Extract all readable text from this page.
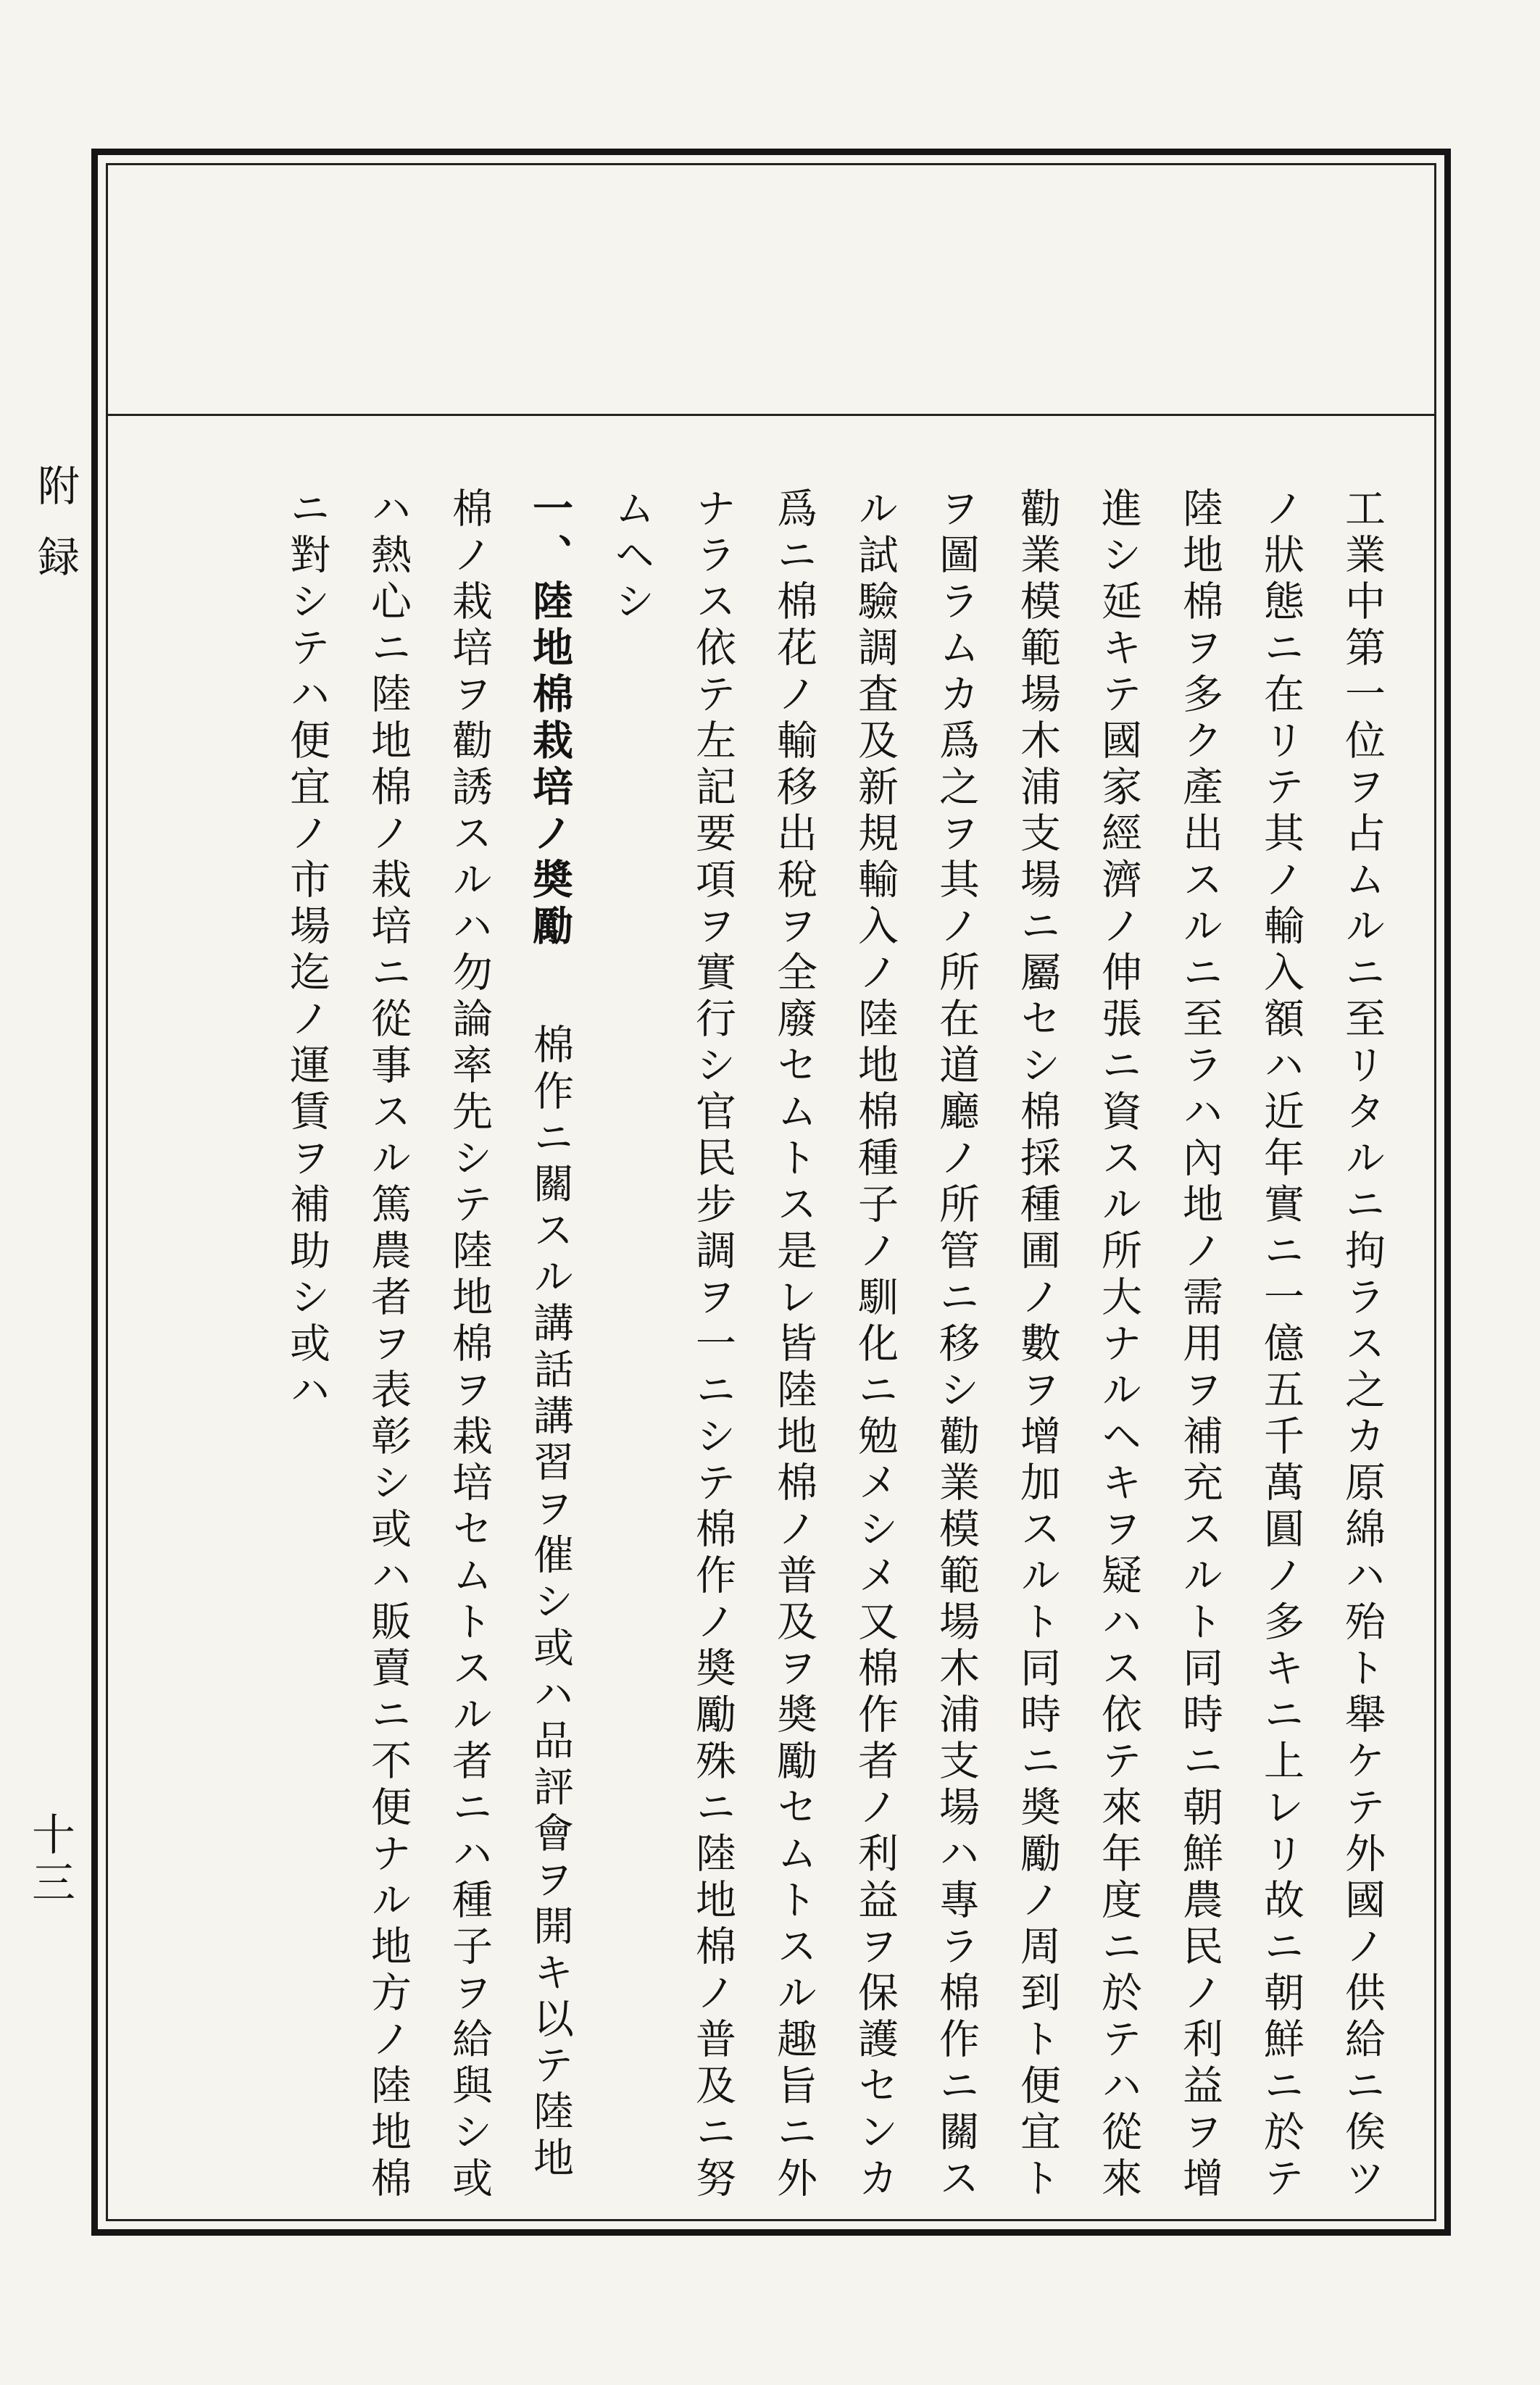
附録
十三	工業中第一位ヲ占ムルニ至リタルニ拘ラス之カ原綿ハ殆ト舉ケテ外國ノ供給ニ俟ツノ狀態ニ在リテ其ノ輸入額ハ近年實ニ一億五千萬圓ノ多キニ上レリ故ニ朝鮮ニ於テ陸地棉ヲ多ク產出スルニ至ラハ內地ノ需用ヲ補充スルト同時ニ朝鮮農民ノ利益ヲ增進シ延キテ國家經濟ノ伸張ニ資スル所大ナルヘキヲ疑ハス依テ來年度ニ於テハ從來勸業模範場木浦支場ニ屬セシ棉採種圃ノ數ヲ增加スルト同時ニ奬勵ノ周到ト便宜トヲ圖ラムカ爲之ヲ其ノ所在道廳ノ所管ニ移シ勸業模範場木浦支場ハ專ラ棉作ニ關スル試驗調査及新規輸入ノ陸地棉種子ノ馴化ニ勉メシメ又棉作者ノ利益ヲ保護センカ爲ニ棉花ノ輸移出稅ヲ全廢セムトス是レ皆陸地棉ノ普及ヲ奬勵セムトスル趣旨ニ外ナラス依テ左記要項ヲ實行シ官民步調ヲ一ニシテ棉作ノ奬勵殊ニ陸地棉ノ普及ニ努ムヘシ
一、陸地棉栽培ノ奬勵棉作ニ關スル講話講習ヲ催シ或ハ品評會ヲ開キ以テ陸地棉ノ栽培ヲ勸誘スルハ勿論率先シテ陸地棉ヲ栽培セムトスル者ニハ種子ヲ給與シ或ハ熱心ニ陸地棉ノ栽培ニ從事スル篤農者ヲ表彰シ或ハ販賣ニ不便ナル地方ノ陸地棉ニ對シテハ便宜ノ市場迄ノ運賃ヲ補助シ或ハ
